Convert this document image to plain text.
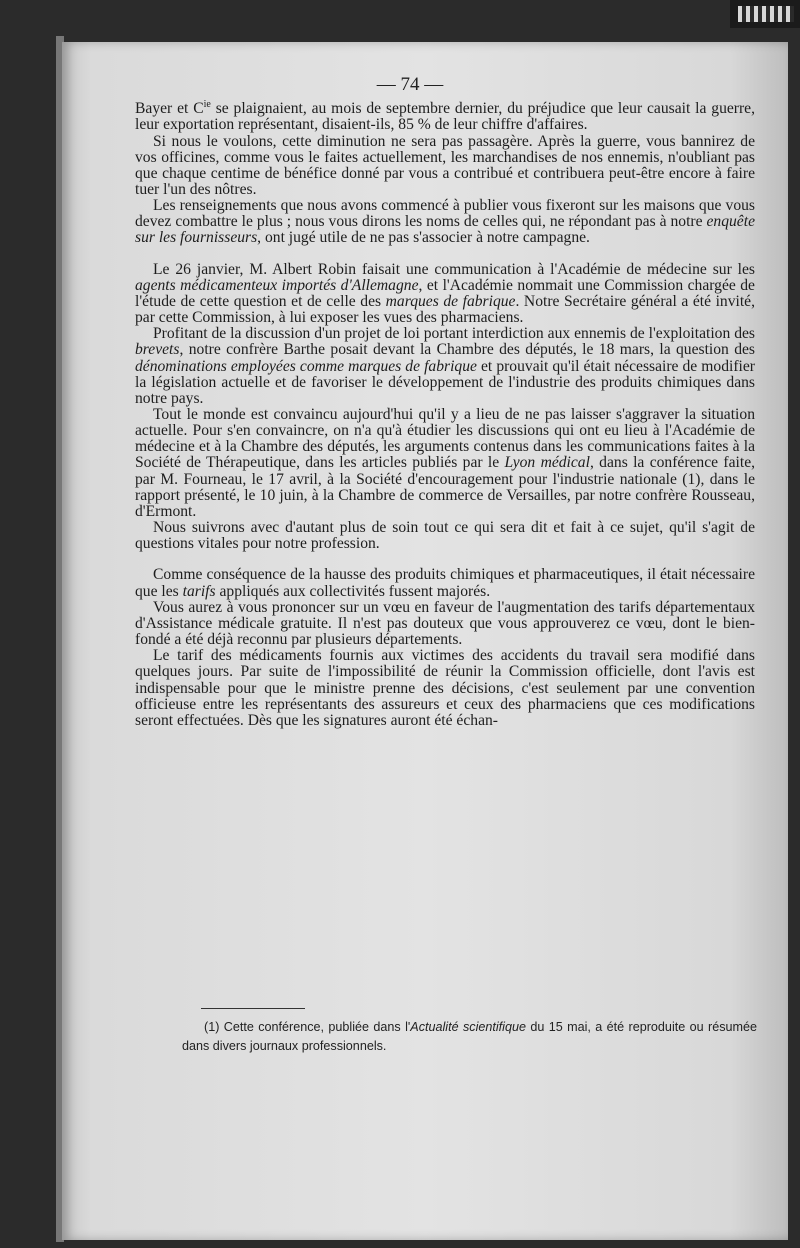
— 74 —

Bayer et $C^{ie}$ se plaignaient, au mois de septembre dernier, du préjudice que leur causait la guerre, leur exportation représentant, disaient-ils, 85 % de leur chiffre d'affaires.

Si nous le voulons, cette diminution ne sera pas passagère. Après la guerre, vous bannirez de vos officines, comme vous le faites actuellement, les marchandises de nos ennemis, n'oubliant pas que chaque centime de bénéfice donné par vous a contribué et contribuera peut-être encore à faire tuer l'un des nôtres.

Les renseignements que nous avons commencé à publier vous fixeront sur les maisons que vous devez combattre le plus ; nous vous dirons les noms de celles qui, ne répondant pas à notre enquête sur les fournisseurs, ont jugé utile de ne pas s'associer à notre campagne.

Le 26 janvier, M. Albert Robin faisait une communication à l'Académie de médecine sur les agents médicamenteux importés d'Allemagne, et l'Académie nommait une Commission chargée de l'étude de cette question et de celle des marques de fabrique. Notre Secrétaire général a été invité, par cette Commission, à lui exposer les vues des pharmaciens.

Profitant de la discussion d'un projet de loi portant interdiction aux ennemis de l'exploitation des brevets, notre confrère Barthe posait devant la Chambre des députés, le 18 mars, la question des dénominations employées comme marques de fabrique et prouvait qu'il était nécessaire de modifier la législation actuelle et de favoriser le développement de l'industrie des produits chimiques dans notre pays.

Tout le monde est convaincu aujourd'hui qu'il y a lieu de ne pas laisser s'aggraver la situation actuelle. Pour s'en convaincre, on n'a qu'à étudier les discussions qui ont eu lieu à l'Académie de médecine et à la Chambre des députés, les arguments contenus dans les communications faites à la Société de Thérapeutique, dans les articles publiés par le Lyon médical, dans la conférence faite, par M. Fourneau, le 17 avril, à la Société d'encouragement pour l'industrie nationale (1), dans le rapport présenté, le 10 juin, à la Chambre de commerce de Versailles, par notre confrère Rousseau, d'Ermont.

Nous suivrons avec d'autant plus de soin tout ce qui sera dit et fait à ce sujet, qu'il s'agit de questions vitales pour notre profession.

Comme conséquence de la hausse des produits chimiques et pharmaceutiques, il était nécessaire que les tarifs appliqués aux collectivités fussent majorés.

Vous aurez à vous prononcer sur un vœu en faveur de l'augmentation des tarifs départementaux d'Assistance médicale gratuite. Il n'est pas douteux que vous approuverez ce vœu, dont le bien-fondé a été déjà reconnu par plusieurs départements.

Le tarif des médicaments fournis aux victimes des accidents du travail sera modifié dans quelques jours. Par suite de l'impossibilité de réunir la Commission officielle, dont l'avis est indispensable pour que le ministre prenne des décisions, c'est seulement par une convention officieuse entre les représentants des assureurs et ceux des pharmaciens que ces modifications seront effectuées. Dès que les signatures auront été échan-

(1) Cette conférence, publiée dans l'Actualité scientifique du 15 mai, a été reproduite ou résumée dans divers journaux professionnels.
